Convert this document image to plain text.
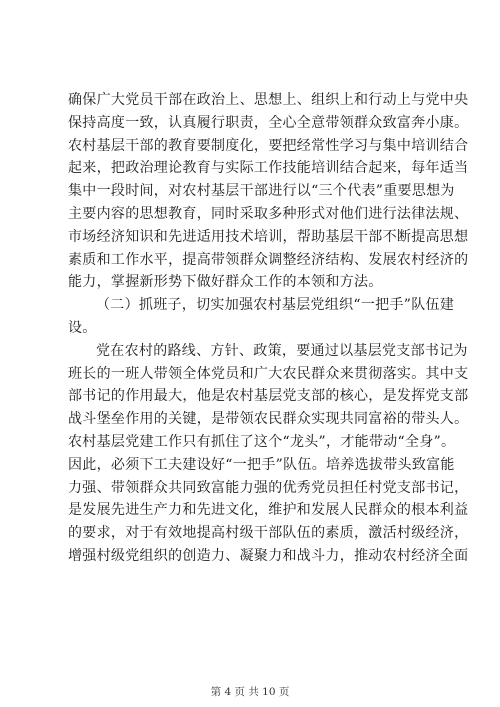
确保广大党员干部在政治上、思想上、组织上和行动上与党中央
保持高度一致，认真履行职责，全心全意带领群众致富奔小康。
农村基层干部的教育要制度化，要把经常性学习与集中培训结合
起来，把政治理论教育与实际工作技能培训结合起来，每年适当
集中一段时间，对农村基层干部进行以“三个代表”重要思想为
主要内容的思想教育，同时采取多种形式对他们进行法律法规、
市场经济知识和先进适用技术培训，帮助基层干部不断提高思想
素质和工作水平，提高带领群众调整经济结构、发展农村经济的
能力，掌握新形势下做好群众工作的本领和方法。
（二）抓班子，切实加强农村基层党组织“一把手”队伍建
设。
党在农村的路线、方针、政策，要通过以基层党支部书记为
班长的一班人带领全体党员和广大农民群众来贯彻落实。其中支
部书记的作用最大，他是农村基层党支部的核心，是发挥党支部
战斗堡垒作用的关键，是带领农民群众实现共同富裕的带头人。
农村基层党建工作只有抓住了这个“龙头”，才能带动“全身”。
因此，必须下工夫建设好“一把手”队伍。培养选拔带头致富能
力强、带领群众共同致富能力强的优秀党员担任村党支部书记，
是发展先进生产力和先进文化，维护和发展人民群众的根本利益
的要求，对于有效地提高村级干部队伍的素质，激活村级经济，
增强村级党组织的创造力、凝聚力和战斗力，推动农村经济全面
第 4 页 共 10 页
